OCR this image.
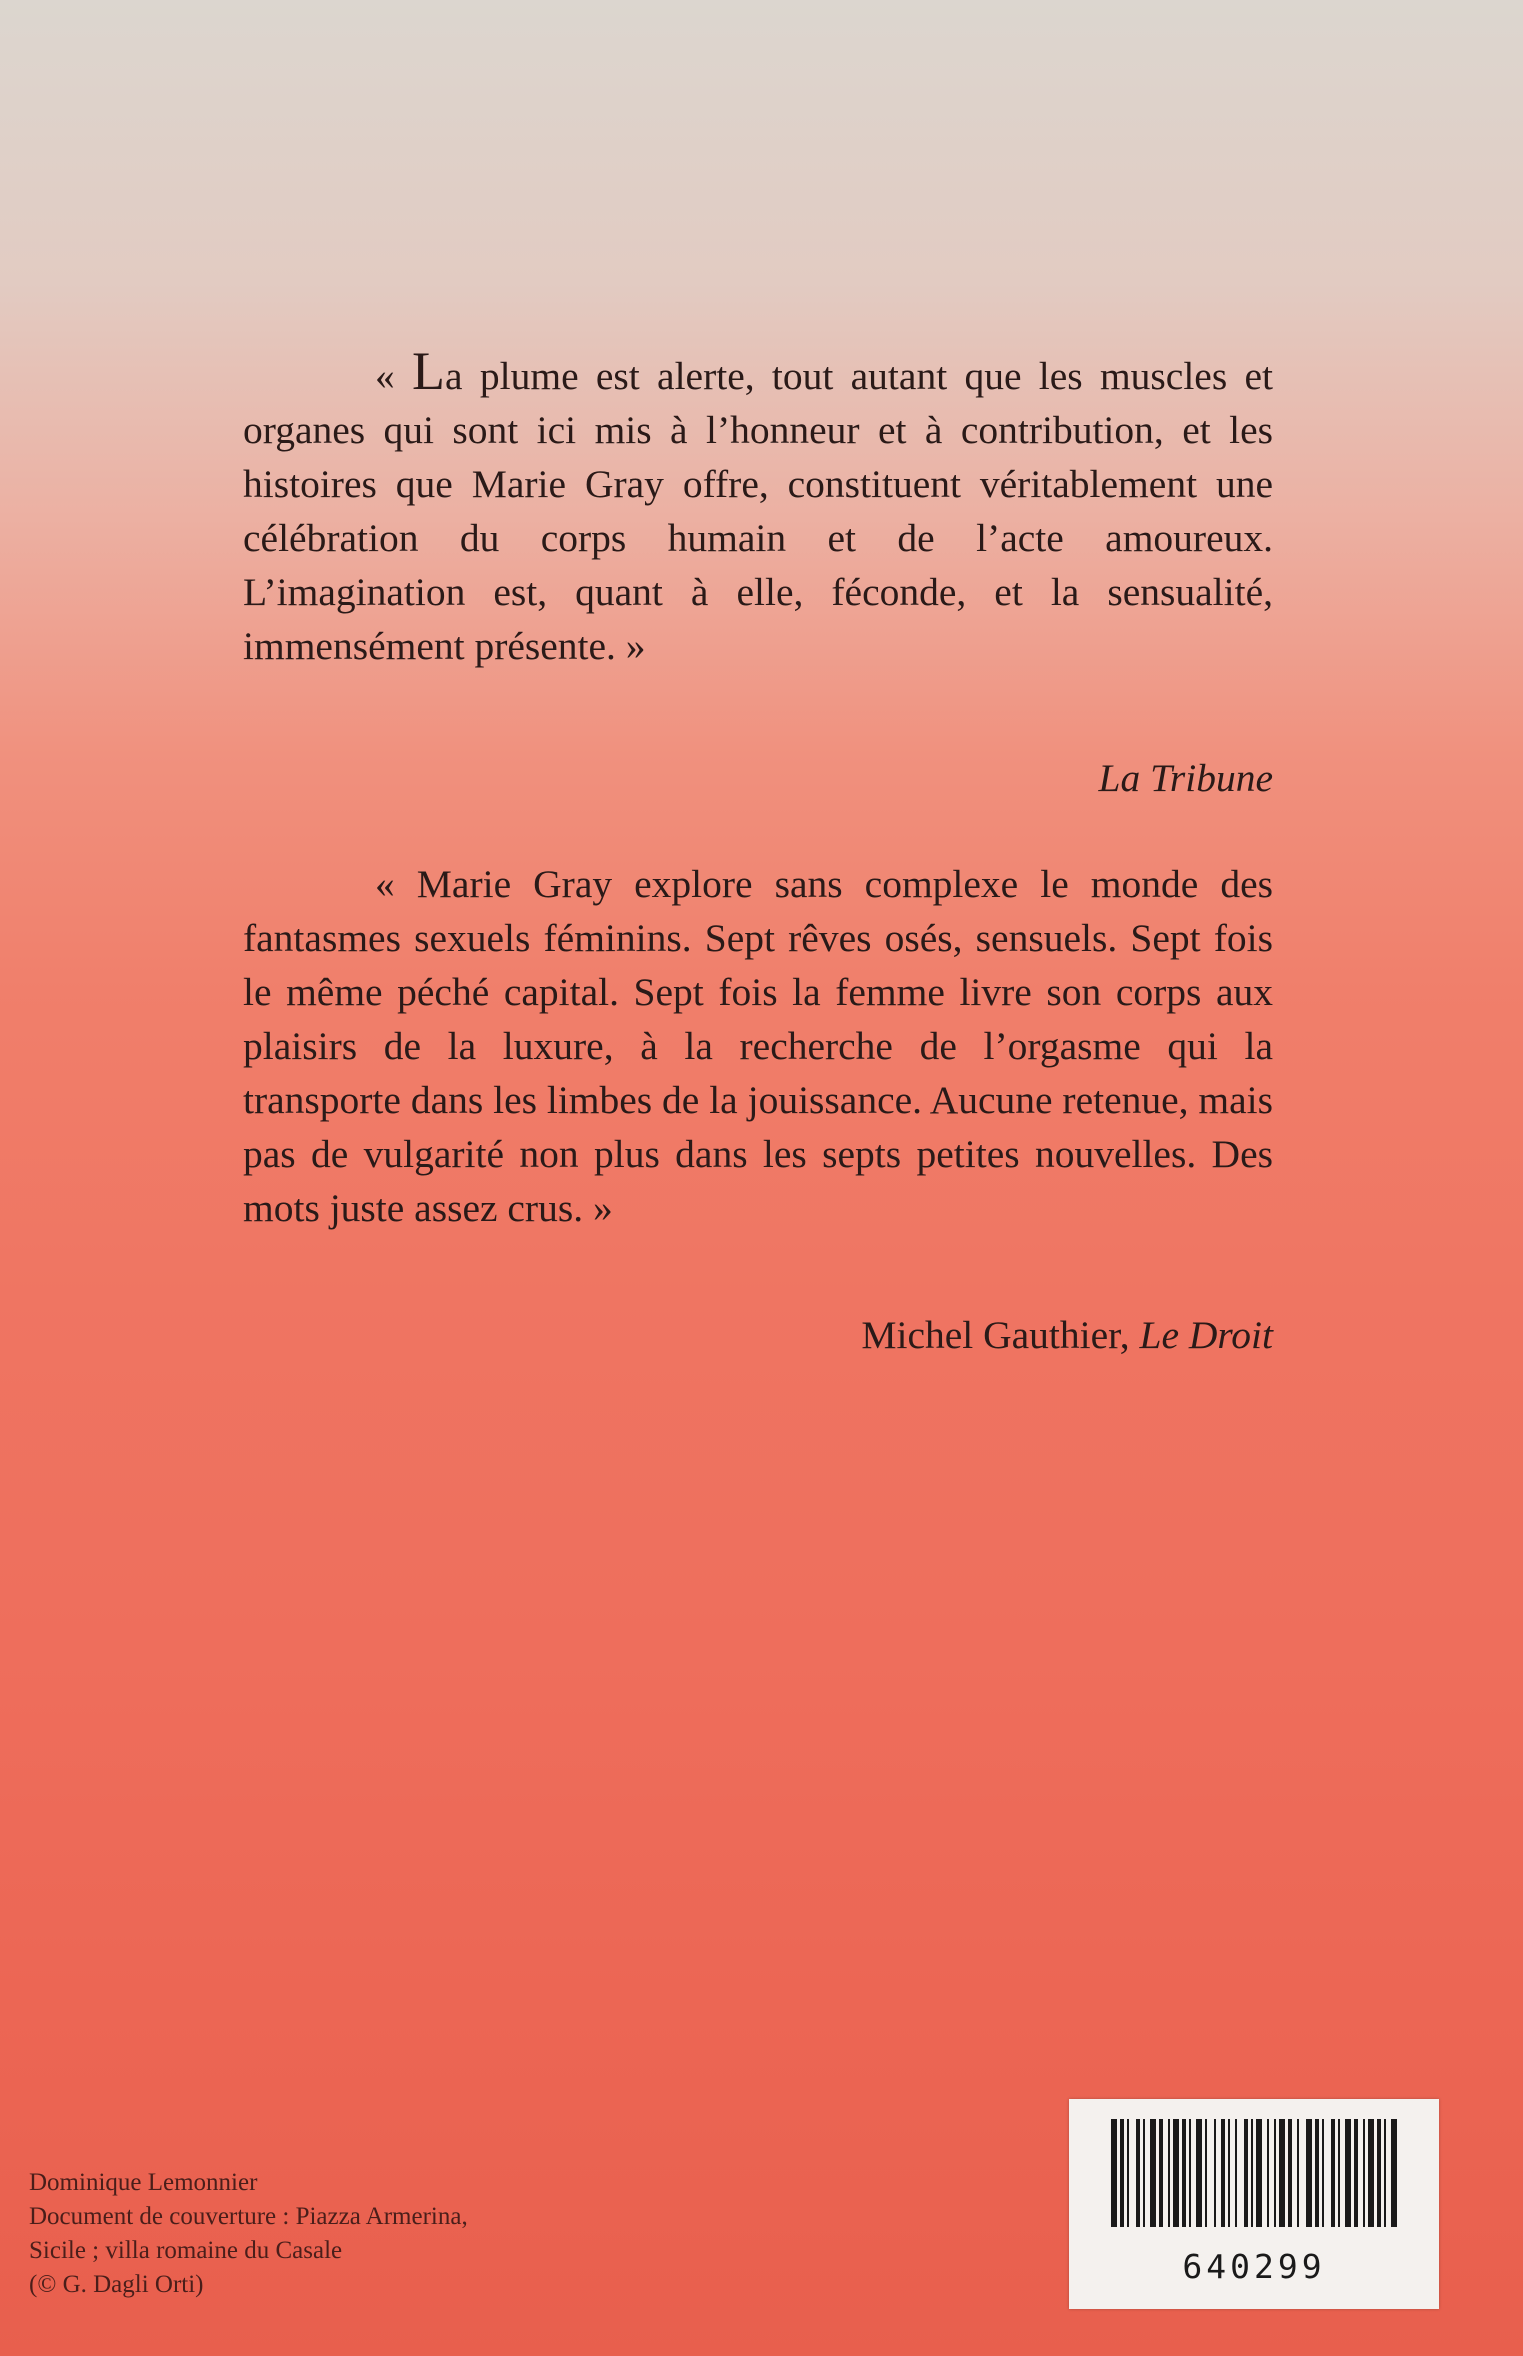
« La plume est alerte, tout autant que les muscles et organes qui sont ici mis à l’honneur et à contribution, et les histoires que Marie Gray offre, constituent véritablement une célébration du corps humain et de l’acte amoureux. L’imagination est, quant à elle, féconde, et la sensualité, immensément présente. »

La Tribune

« Marie Gray explore sans complexe le monde des fantasmes sexuels féminins. Sept rêves osés, sensuels. Sept fois le même péché capital. Sept fois la femme livre son corps aux plaisirs de la luxure, à la recherche de l’orgasme qui la transporte dans les limbes de la jouissance. Aucune retenue, mais pas de vulgarité non plus dans les septs petites nouvelles. Des mots juste assez crus. »

Michel Gauthier, Le Droit
Dominique Lemonnier
Document de couverture : Piazza Armerina,
Sicile ; villa romaine du Casale
(© G. Dagli Orti)	640299
